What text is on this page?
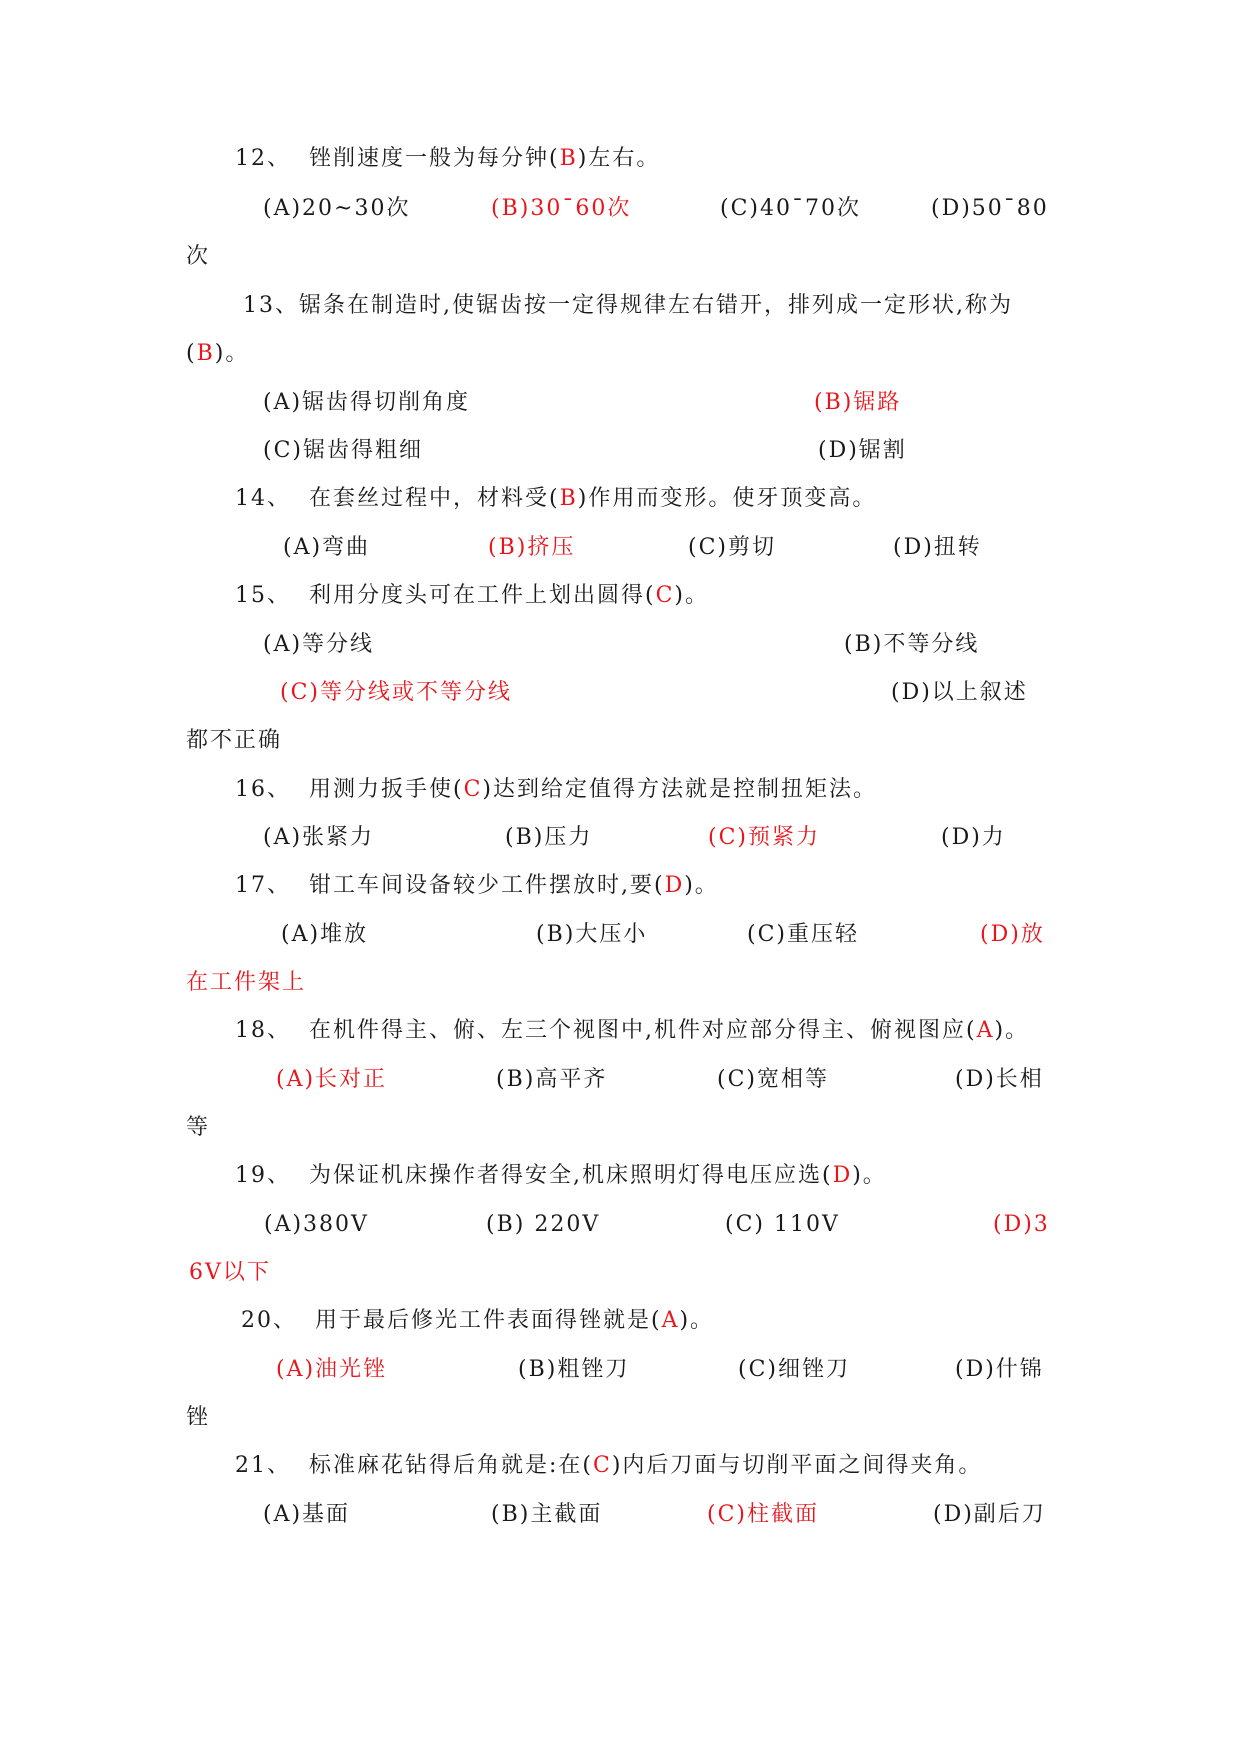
12、  锉削速度一般为每分钟(B)左右。
(A)20~30次	(B)30¯60次	(C)40¯70次	(D)50¯80
次
13、锯条在制造时,使锯齿按一定得规律左右错开，排列成一定形状,称为
(B)。
(A)锯齿得切削角度	(B)锯路
(C)锯齿得粗细	(D)锯割
14、  在套丝过程中，材料受(B)作用而变形。使牙顶变高。
(A)弯曲	(B)挤压	(C)剪切	(D)扭转
15、  利用分度头可在工件上划出圆得(C)。
(A)等分线	(B)不等分线
(C)等分线或不等分线	(D)以上叙述
都不正确
16、  用测力扳手使(C)达到给定值得方法就是控制扭矩法。
(A)张紧力	(B)压力	(C)预紧力	(D)力
17、  钳工车间设备较少工件摆放时,要(D)。
(A)堆放	(B)大压小	(C)重压轻	(D)放
在工件架上
18、  在机件得主、俯、左三个视图中,机件对应部分得主、俯视图应(A)。
(A)长对正	(B)高平齐	(C)宽相等	(D)长相
等
19、  为保证机床操作者得安全,机床照明灯得电压应选(D)。
(A)380V	(B) 220V	(C) 110V	(D)3
6V以下
20、  用于最后修光工件表面得锉就是(A)。
(A)油光锉	(B)粗锉刀	(C)细锉刀	(D)什锦
锉
21、  标准麻花钻得后角就是:在(C)内后刀面与切削平面之间得夹角。
(A)基面	(B)主截面	(C)柱截面	(D)副后刀
